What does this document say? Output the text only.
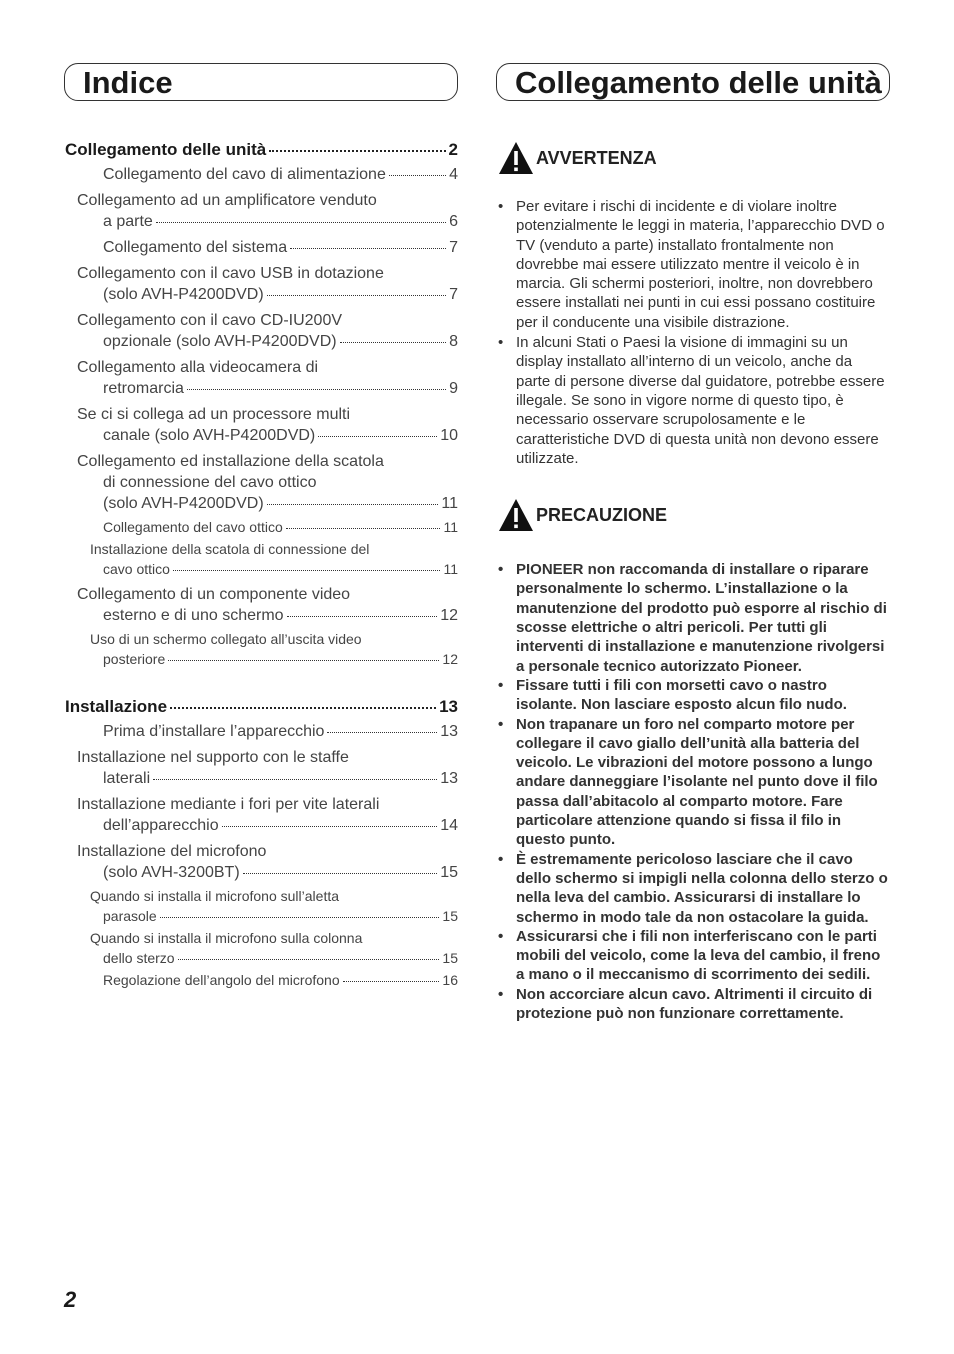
Indice
Collegamento delle unità	2
Collegamento del cavo di alimentazione	4
Collegamento ad un amplificatore venduto
a parte	6
Collegamento del sistema	7
Collegamento con il cavo USB in dotazione
(solo AVH-P4200DVD)	7
Collegamento con il cavo CD-IU200V
opzionale (solo AVH-P4200DVD)	8
Collegamento alla videocamera di
retromarcia	9
Se ci si collega ad un processore multi
canale (solo AVH-P4200DVD)	10
Collegamento ed installazione della scatola
di connessione del cavo ottico
(solo AVH-P4200DVD)	11
Collegamento del cavo ottico	11
Installazione della scatola di connessione del
cavo ottico	11
Collegamento di un componente video
esterno e di uno schermo	12
Uso di un schermo collegato all’uscita video
posteriore	12
Installazione	13
Prima d’installare l’apparecchio	13
Installazione nel supporto con le staffe
laterali	13
Installazione mediante i fori per vite laterali
dell’apparecchio	14
Installazione del microfono
(solo AVH-3200BT)	15
Quando si installa il microfono sull’aletta
parasole	15
Quando si installa il microfono sulla colonna
dello sterzo	15
Regolazione dell’angolo del microfono	16
Collegamento delle unità
AVVERTENZA
• Per evitare i rischi di incidente e di violare inoltre potenzialmente le leggi in materia, l’apparecchio DVD o TV (venduto a parte) installato frontalmente non dovrebbe mai essere utilizzato mentre il veicolo è in marcia. Gli schermi posteriori, inoltre, non dovrebbero essere installati nei punti in cui essi possano costituire per il conducente una visibile distrazione.
• In alcuni Stati o Paesi la visione di immagini su un display installato all’interno di un veicolo, anche da parte di persone diverse dal guidatore, potrebbe essere illegale. Se sono in vigore norme di questo tipo, è necessario osservare scrupolosamente e le caratteristiche DVD di questa unità non devono essere utilizzate.
PRECAUZIONE
• PIONEER non raccomanda di installare o riparare personalmente lo schermo. L’installazione o la manutenzione del prodotto può esporre al rischio di scosse elettriche o altri pericoli. Per tutti gli interventi di installazione e manutenzione rivolgersi a personale tecnico autorizzato Pioneer.
• Fissare tutti i fili con morsetti cavo o nastro isolante. Non lasciare esposto alcun filo nudo.
• Non trapanare un foro nel comparto motore per collegare il cavo giallo dell’unità alla batteria del veicolo. Le vibrazioni del motore possono a lungo andare danneggiare l’isolante nel punto dove il filo passa dall’abitacolo al comparto motore. Fare particolare attenzione quando si fissa il filo in questo punto.
• È estremamente pericoloso lasciare che il cavo dello schermo si impigli nella colonna dello sterzo o nella leva del cambio. Assicurarsi di installare lo schermo in modo tale da non ostacolare la guida.
• Assicurarsi che i fili non interferiscano con le parti mobili del veicolo, come la leva del cambio, il freno a mano o il meccanismo di scorrimento dei sedili.
• Non accorciare alcun cavo. Altrimenti il circuito di protezione può non funzionare correttamente.
2
